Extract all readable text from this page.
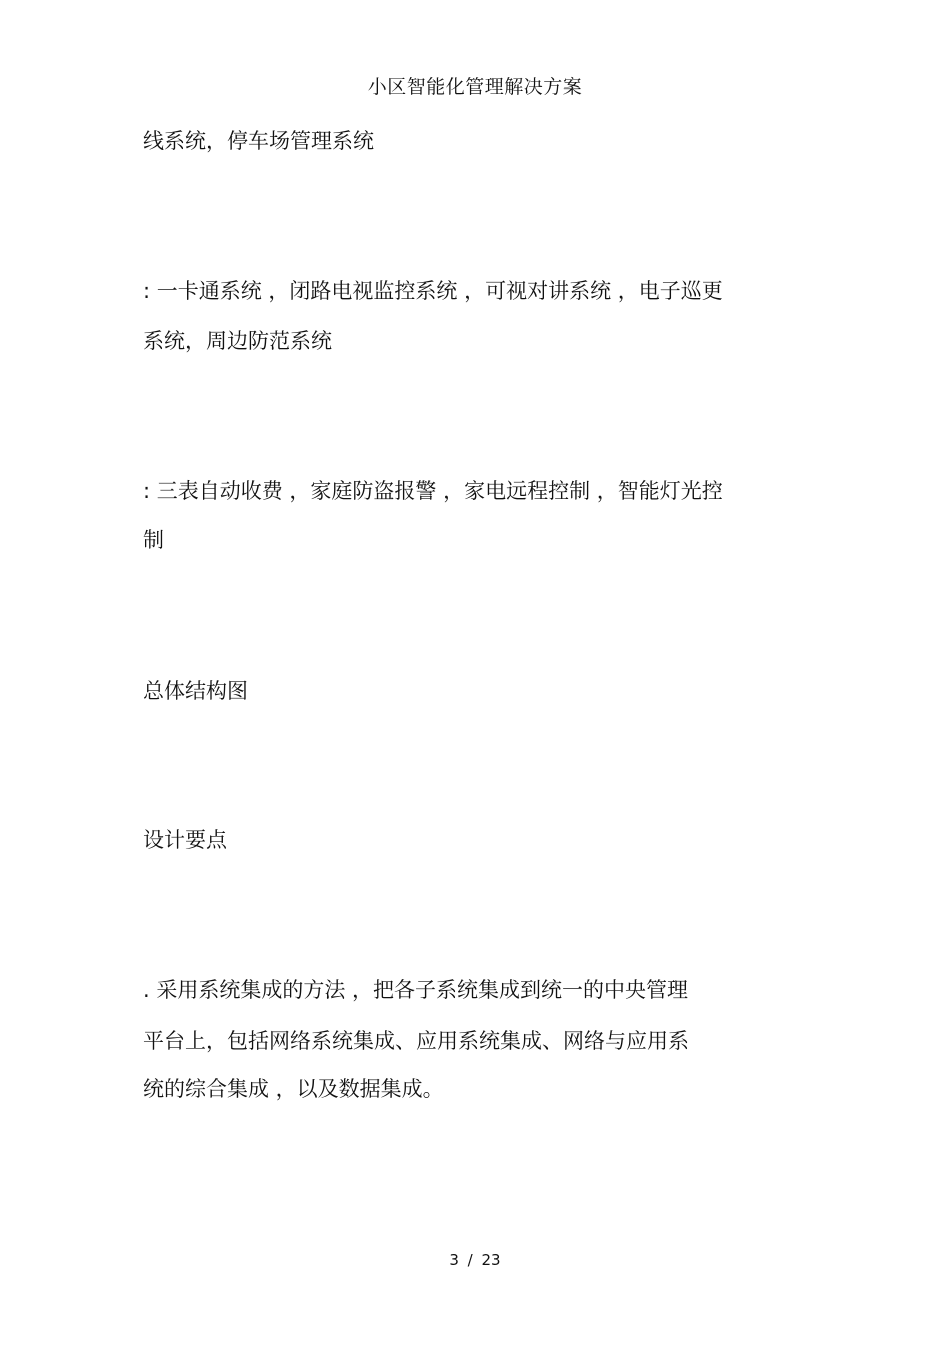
小区智能化管理解决方案
线系统，停车场管理系统
: 一卡通系统 ，闭路电视监控系统 ，可视对讲系统 ，电子巡更
系统，周边防范系统
: 三表自动收费 ，家庭防盗报警 ，家电远程控制 ，智能灯光控
制
总体结构图
设计要点
. 采用系统集成的方法 ，把各子系统集成到统一的中央管理
平台上，包括网络系统集成、应用系统集成、网络与应用系
统的综合集成 ，以及数据集成。
3 / 23
